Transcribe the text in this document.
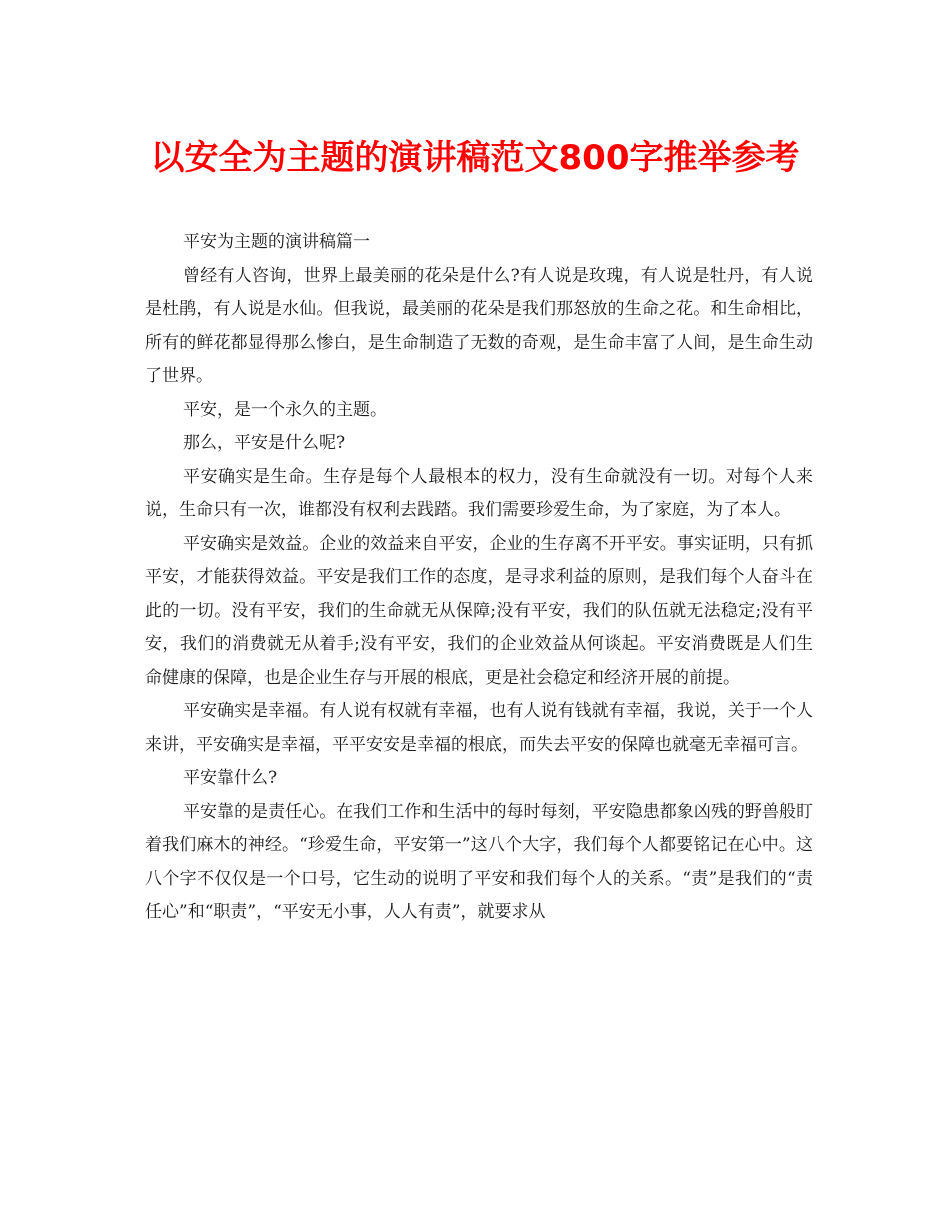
以安全为主题的演讲稿范文800字推举参考

平安为主题的演讲稿篇一

曾经有人咨询，世界上最美丽的花朵是什么?有人说是玫瑰，有人说是牡丹，有人说是杜鹃，有人说是水仙。但我说，最美丽的花朵是我们那怒放的生命之花。和生命相比，所有的鲜花都显得那么惨白，是生命制造了无数的奇观，是生命丰富了人间，是生命生动了世界。

平安，是一个永久的主题。

那么，平安是什么呢?

平安确实是生命。生存是每个人最根本的权力，没有生命就没有一切。对每个人来说，生命只有一次，谁都没有权利去践踏。我们需要珍爱生命，为了家庭，为了本人。

平安确实是效益。企业的效益来自平安，企业的生存离不开平安。事实证明，只有抓平安，才能获得效益。平安是我们工作的态度，是寻求利益的原则，是我们每个人奋斗在此的一切。没有平安，我们的生命就无从保障;没有平安，我们的队伍就无法稳定;没有平安，我们的消费就无从着手;没有平安，我们的企业效益从何谈起。平安消费既是人们生命健康的保障，也是企业生存与开展的根底，更是社会稳定和经济开展的前提。

平安确实是幸福。有人说有权就有幸福，也有人说有钱就有幸福，我说，关于一个人来讲，平安确实是幸福，平平安安是幸福的根底，而失去平安的保障也就毫无幸福可言。

平安靠什么?

平安靠的是责任心。在我们工作和生活中的每时每刻，平安隐患都象凶残的野兽般盯着我们麻木的神经。“珍爱生命，平安第一”这八个大字，我们每个人都要铭记在心中。这八个字不仅仅是一个口号，它生动的说明了平安和我们每个人的关系。“责”是我们的“责任心”和“职责”，“平安无小事，人人有责”，就要求从
